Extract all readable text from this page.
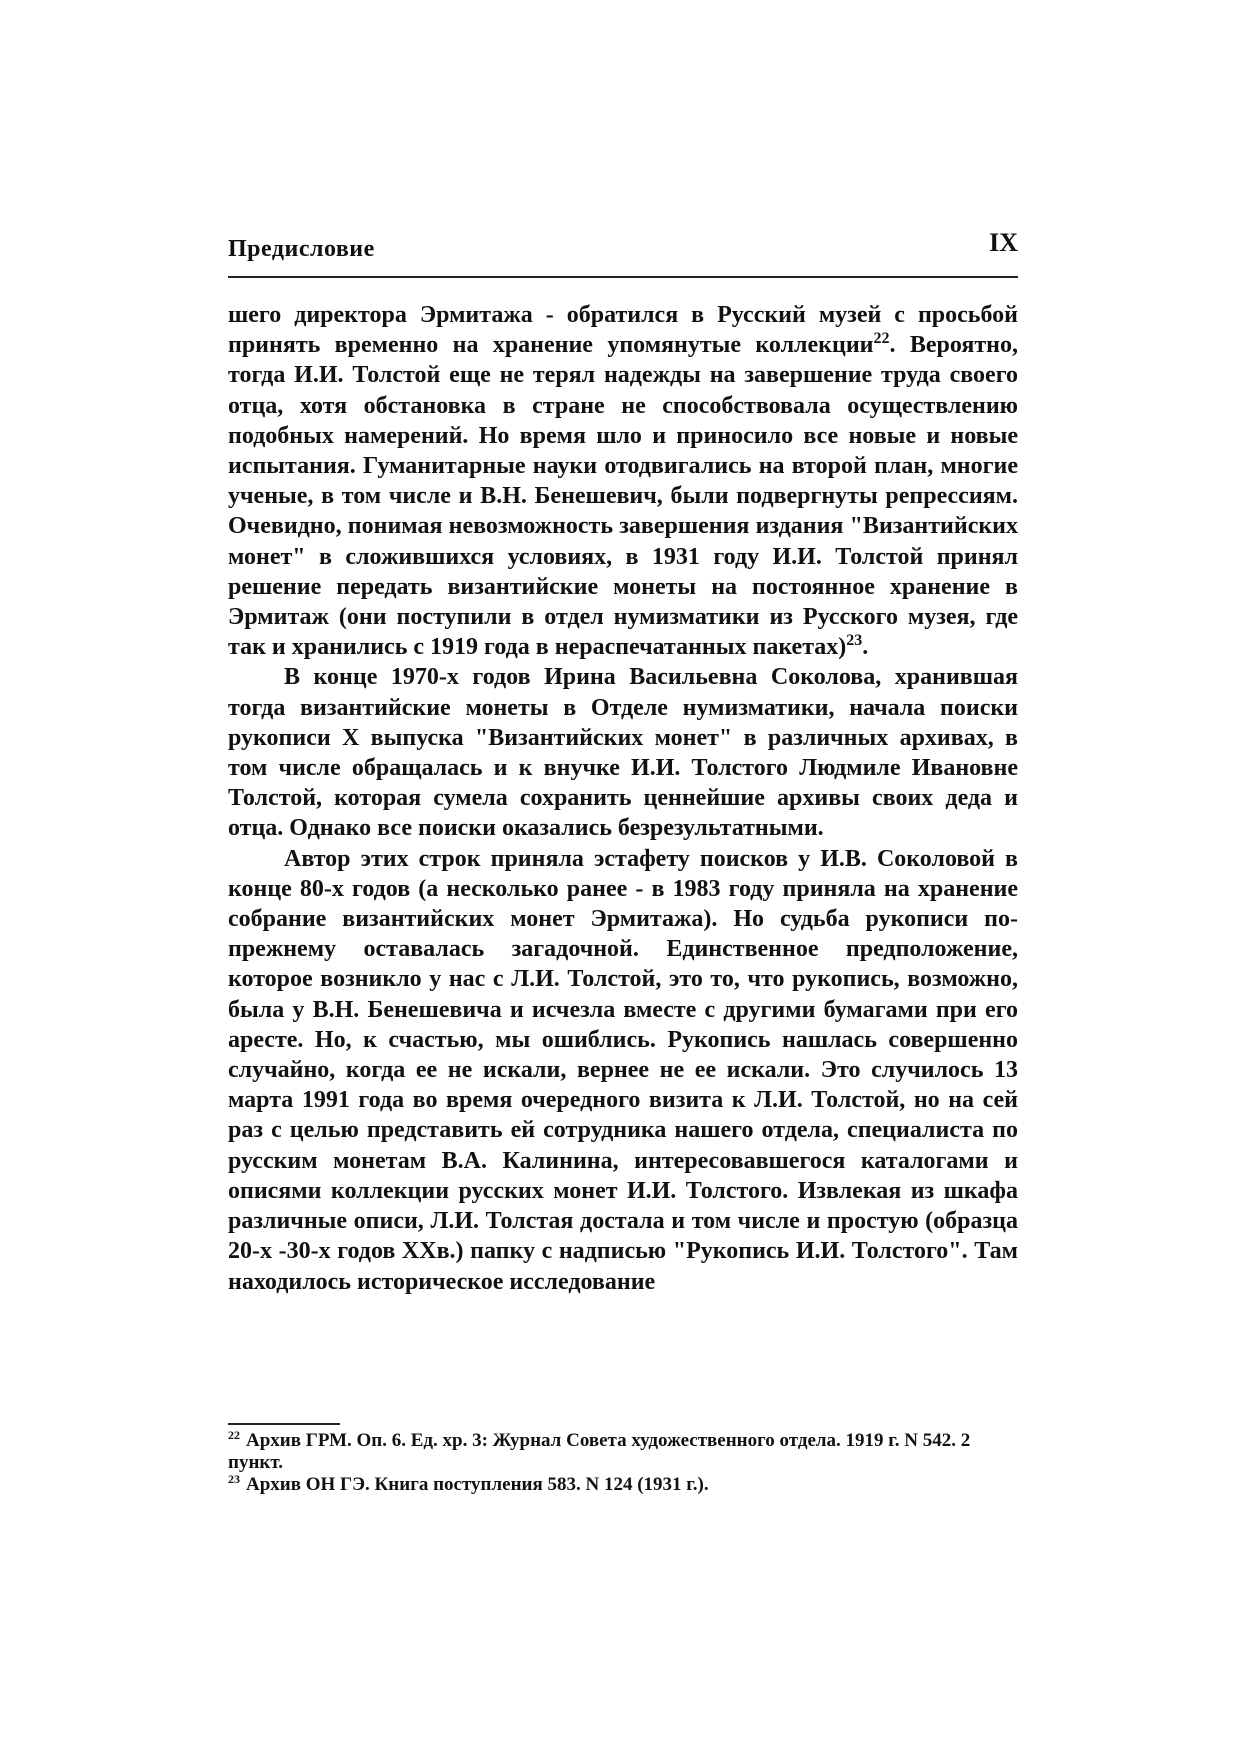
Предисловие	IX

шего директора Эрмитажа - обратился в Русский музей с просьбой принять временно на хранение упомянутые коллекции$^{22}$. Вероятно, тогда И.И. Толстой еще не терял надежды на завершение труда своего отца, хотя обстановка в стране не способствовала осуществлению подобных намерений. Но время шло и приносило все новые и новые испытания. Гуманитарные науки отодвигались на второй план, многие ученые, в том числе и В.Н. Бенешевич, были подвергнуты репрессиям. Очевидно, понимая невозможность завершения издания "Византийских монет" в сложившихся условиях, в 1931 году И.И. Толстой принял решение передать византийские монеты на постоянное хранение в Эрмитаж (они поступили в отдел нумизматики из Русского музея, где так и хранились с 1919 года в нераспечатанных пакетах)$^{23}$.

В конце 1970-х годов Ирина Васильевна Соколова, хранившая тогда византийские монеты в Отделе нумизматики, начала поиски рукописи X выпуска "Византийских монет" в различных архивах, в том числе обращалась и к внучке И.И. Толстого Людмиле Ивановне Толстой, которая сумела сохранить ценнейшие архивы своих деда и отца. Однако все поиски оказались безрезультатными.

Автор этих строк приняла эстафету поисков у И.В. Соколовой в конце 80-х годов (а несколько ранее - в 1983 году приняла на хранение собрание византийских монет Эрмитажа). Но судьба рукописи по-прежнему оставалась загадочной. Единственное предположение, которое возникло у нас с Л.И. Толстой, это то, что рукопись, возможно, была у В.Н. Бенешевича и исчезла вместе с другими бумагами при его аресте. Но, к счастью, мы ошиблись. Рукопись нашлась совершенно случайно, когда ее не искали, вернее не ее искали. Это случилось 13 марта 1991 года во время очередного визита к Л.И. Толстой, но на сей раз с целью представить ей сотрудника нашего отдела, специалиста по русским монетам В.А. Калинина, интересовавшегося каталогами и описями коллекции русских монет И.И. Толстого. Извлекая из шкафа различные описи, Л.И. Толстая достала и том числе и простую (образца 20-х -30-х годов XXв.) папку с надписью "Рукопись И.И. Толстого". Там находилось историческое исследование

$^{22}$ Архив ГРМ. Оп. 6. Ед. хр. 3: Журнал Совета художественного отдела. 1919 г. N 542. 2 пункт.

$^{23}$ Архив ОН ГЭ. Книга поступления 583. N 124 (1931 г.).
